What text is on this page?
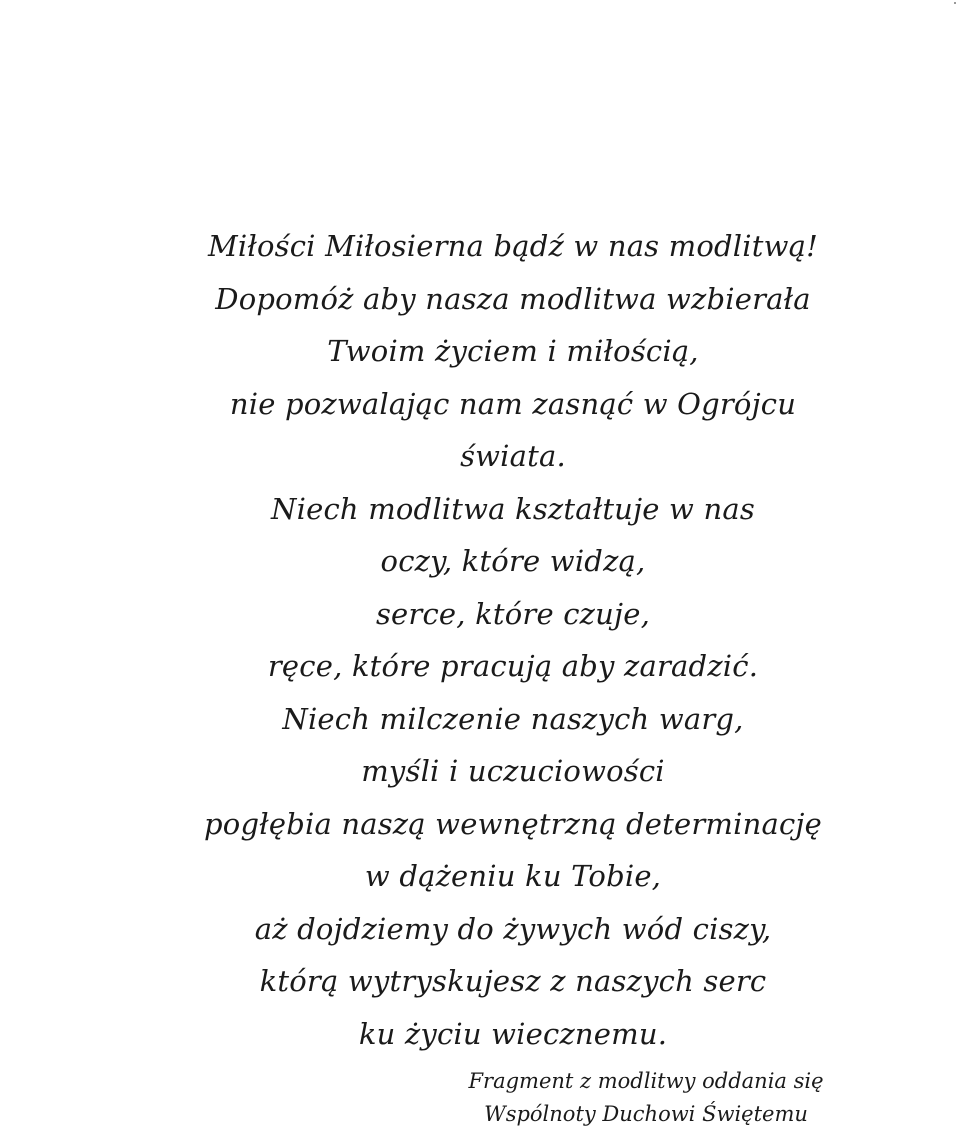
Miłości Miłosierna bądź w nas modlitwą!
Dopomóż aby nasza modlitwa wzbierała
Twoim życiem i miłością,
nie pozwalając nam zasnąć w Ogrójcu
świata.
Niech modlitwa kształtuje w nas
oczy, które widzą,
serce, które czuje,
ręce, które pracują aby zaradzić.
Niech milczenie naszych warg,
myśli i uczuciowości
pogłębia naszą wewnętrzną determinację
w dążeniu ku Tobie,
aż dojdziemy do żywych wód ciszy,
którą wytryskujesz z naszych serc
ku życiu wiecznemu.
Fragment z modlitwy oddania się
Wspólnoty Duchowi Świętemu
